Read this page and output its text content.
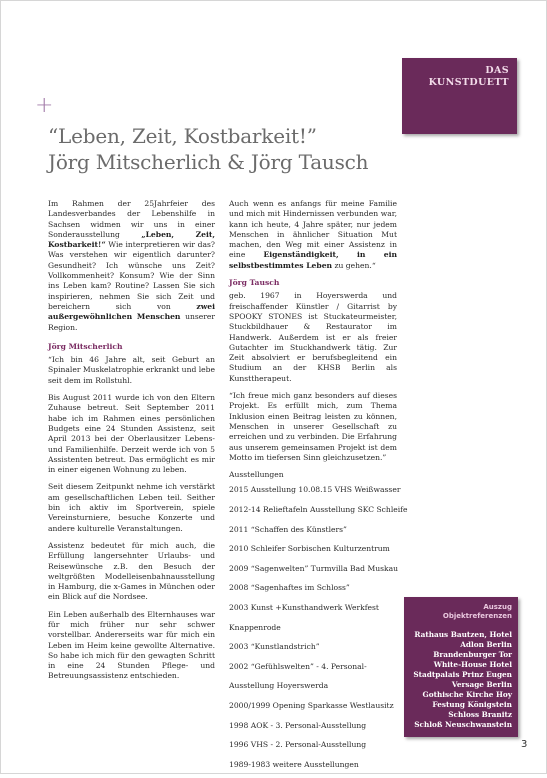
+
DAS
KUNSTDUETT
“Leben, Zeit, Kostbarkeit!”
Jörg Mitscherlich & Jörg Tausch

Im Rahmen der 25Jahrfeier des Landesverbandes der Lebenshilfe in Sachsen widmen wir uns in einer Sonderausstellung „Leben, Zeit, Kostbarkeit!“ Wie interpretieren wir das? Was verstehen wir eigentlich darunter? Gesundheit? Ich wünsche uns Zeit? Vollkommenheit? Konsum? Wie der Sinn ins Leben kam? Routine? Lassen Sie sich inspirieren, nehmen Sie sich Zeit und bereichern sich von zwei außergewöhnlichen Menschen unserer Region.

Jörg Mitscherlich

“Ich bin 46 Jahre alt, seit Geburt an Spinaler Muskelatrophie erkrankt und lebe seit dem im Rollstuhl.

Bis August 2011 wurde ich von den Eltern Zuhause betreut. Seit September 2011 habe ich im Rahmen eines persönlichen Budgets eine 24 Stunden Assistenz, seit April 2013 bei der Oberlausitzer Lebens- und Familienhilfe. Derzeit werde ich von 5 Assistenten betreut. Das ermöglicht es mir in einer eigenen Wohnung zu leben.

Seit diesem Zeitpunkt nehme ich verstärkt am gesellschaftlichen Leben teil. Seither bin ich aktiv im Sportverein, spiele Vereinsturniere, besuche Konzerte und andere kulturelle Veranstaltungen.

Assistenz bedeutet für mich auch, die Erfüllung langersehnter Urlaubs- und Reisewünsche z.B. den Besuch der weltgrößten Modelleisenbahnausstellung in Hamburg, die x-Games in München oder ein Blick auf die Nordsee.

Ein Leben außerhalb des Elternhauses war für mich früher nur sehr schwer vorstellbar. Andererseits war für mich ein Leben im Heim keine gewollte Alternative. So habe ich mich für den gewagten Schritt in eine 24 Stunden Pflege- und Betreuungsassistenz entschieden.

Auch wenn es anfangs für meine Familie und mich mit Hindernissen verbunden war, kann ich heute, 4 Jahre später, nur jedem Menschen in ähnlicher Situation Mut machen, den Weg mit einer Assistenz in eine Eigenständigkeit, in ein selbstbestimmtes Leben zu gehen.“

Jörg Tausch

geb. 1967 in Hoyerswerda und freischaffender Künstler / Gitarrist by SPOOKY STONES ist Stuckateurmeister, Stuckbildhauer & Restaurator im Handwerk. Außerdem ist er als freier Gutachter im Stuckhandwerk tätig. Zur Zeit absolviert er berufsbegleitend ein Studium an der KHSB Berlin als Kunsttherapeut.

“Ich freue mich ganz besonders auf dieses Projekt. Es erfüllt mich, zum Thema Inklusion einen Beitrag leisten zu können, Menschen in unserer Gesellschaft zu erreichen und zu verbinden. Die Erfahrung aus unserem gemeinsamen Projekt ist dem Motto im tiefersen Sinn gleichzusetzen.”

Ausstellungen

2015 Ausstellung 10.08.15 VHS Weißwasser

2012-14 Relieftafeln Ausstellung SKC Schleife

2011 “Schaffen des Künstlers”

2010 Schleifer Sorbischen Kulturzentrum

2009 “Sagenwelten” Turmvilla Bad Muskau

2008 “Sagenhaftes im Schloss”

2003 Kunst +Kunsthandwerk Werkfest

Knappenrode

2003 “Kunstlandstrich”

2002 “Gefühlswelten” - 4. Personal-

Ausstellung Hoyerswerda

2000/1999 Opening Sparkasse Westlausitz

1998 AOK - 3. Personal-Ausstellung

1996 VHS - 2. Personal-Ausstellung

1989-1983 weitere Ausstellungen

Auszug
Objektreferenzen
Rathaus Bautzen, Hotel
Adlon Berlin
Brandenburger Tor
White-House Hotel
Stadtpalais Prinz Eugen
Versage Berlin
Gothische Kirche Hoy
Festung Königstein
Schloss Branitz
Schloß Neuschwanstein
3
